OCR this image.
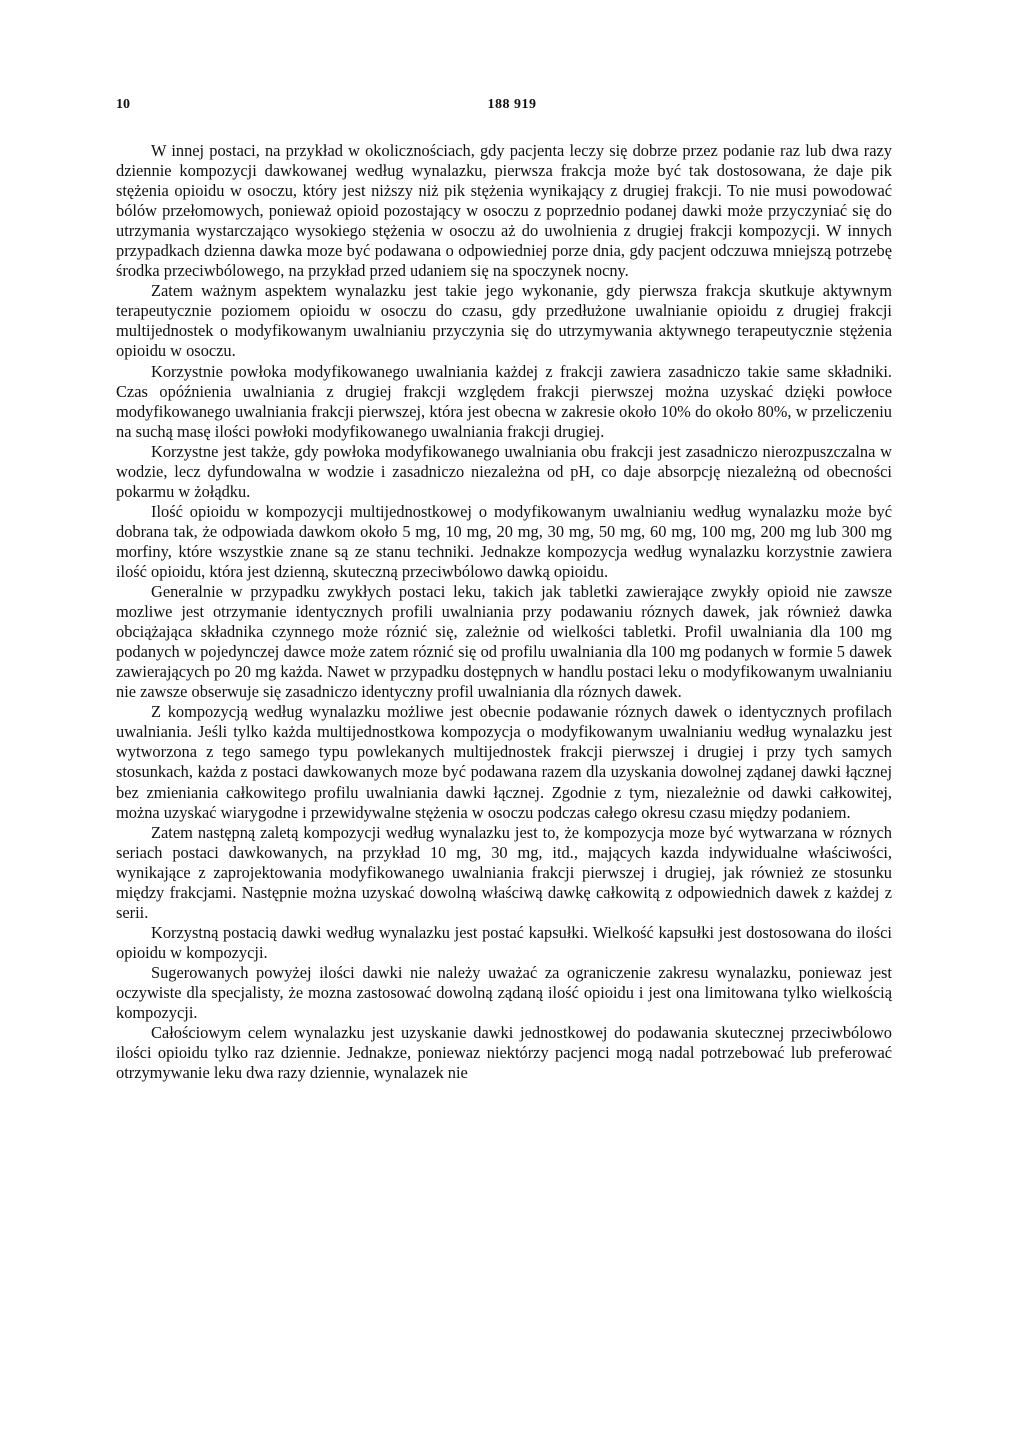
10	188 919

W innej postaci, na przykład w okolicznościach, gdy pacjenta leczy się dobrze przez podanie raz lub dwa razy dziennie kompozycji dawkowanej według wynalazku, pierwsza frakcja może być tak dostosowana, że daje pik stężenia opioidu w osoczu, który jest niższy niż pik stężenia wynikający z drugiej frakcji. To nie musi powodować bólów przełomowych, ponieważ opioid pozostający w osoczu z poprzednio podanej dawki może przyczyniać się do utrzymania wystarczająco wysokiego stężenia w osoczu aż do uwolnienia z drugiej frakcji kompozycji. W innych przypadkach dzienna dawka moze być podawana o odpowiedniej porze dnia, gdy pacjent odczuwa mniejszą potrzebę środka przeciwbólowego, na przykład przed udaniem się na spoczynek nocny.

Zatem ważnym aspektem wynalazku jest takie jego wykonanie, gdy pierwsza frakcja skutkuje aktywnym terapeutycznie poziomem opioidu w osoczu do czasu, gdy przedłużone uwalnianie opioidu z drugiej frakcji multijednostek o modyfikowanym uwalnianiu przyczynia się do utrzymywania aktywnego terapeutycznie stężenia opioidu w osoczu.

Korzystnie powłoka modyfikowanego uwalniania każdej z frakcji zawiera zasadniczo takie same składniki. Czas opóźnienia uwalniania z drugiej frakcji względem frakcji pierwszej można uzyskać dzięki powłoce modyfikowanego uwalniania frakcji pierwszej, która jest obecna w zakresie około 10% do około 80%, w przeliczeniu na suchą masę ilości powłoki modyfikowanego uwalniania frakcji drugiej.

Korzystne jest także, gdy powłoka modyfikowanego uwalniania obu frakcji jest zasadniczo nierozpuszczalna w wodzie, lecz dyfundowalna w wodzie i zasadniczo niezależna od pH, co daje absorpcję niezależną od obecności pokarmu w żołądku.

Ilość opioidu w kompozycji multijednostkowej o modyfikowanym uwalnianiu według wynalazku może być dobrana tak, że odpowiada dawkom około 5 mg, 10 mg, 20 mg, 30 mg, 50 mg, 60 mg, 100 mg, 200 mg lub 300 mg morfiny, które wszystkie znane są ze stanu techniki. Jednakze kompozycja według wynalazku korzystnie zawiera ilość opioidu, która jest dzienną, skuteczną przeciwbólowo dawką opioidu.

Generalnie w przypadku zwykłych postaci leku, takich jak tabletki zawierające zwykły opioid nie zawsze mozliwe jest otrzymanie identycznych profili uwalniania przy podawaniu róznych dawek, jak również dawka obciążająca składnika czynnego może róznić się, zależnie od wielkości tabletki. Profil uwalniania dla 100 mg podanych w pojedynczej dawce może zatem róznić się od profilu uwalniania dla 100 mg podanych w formie 5 dawek zawierających po 20 mg każda. Nawet w przypadku dostępnych w handlu postaci leku o modyfikowanym uwalnianiu nie zawsze obserwuje się zasadniczo identyczny profil uwalniania dla róznych dawek.

Z kompozycją według wynalazku możliwe jest obecnie podawanie róznych dawek o identycznych profilach uwalniania. Jeśli tylko każda multijednostkowa kompozycja o modyfikowanym uwalnianiu według wynalazku jest wytworzona z tego samego typu powlekanych multijednostek frakcji pierwszej i drugiej i przy tych samych stosunkach, każda z postaci dawkowanych moze być podawana razem dla uzyskania dowolnej ządanej dawki łącznej bez zmieniania całkowitego profilu uwalniania dawki łącznej. Zgodnie z tym, niezależnie od dawki całkowitej, można uzyskać wiarygodne i przewidywalne stężenia w osoczu podczas całego okresu czasu między podaniem.

Zatem następną zaletą kompozycji według wynalazku jest to, że kompozycja moze być wytwarzana w róznych seriach postaci dawkowanych, na przykład 10 mg, 30 mg, itd., mających kazda indywidualne właściwości, wynikające z zaprojektowania modyfikowanego uwalniania frakcji pierwszej i drugiej, jak również ze stosunku między frakcjami. Następnie można uzyskać dowolną właściwą dawkę całkowitą z odpowiednich dawek z każdej z serii.

Korzystną postacią dawki według wynalazku jest postać kapsułki. Wielkość kapsułki jest dostosowana do ilości opioidu w kompozycji.

Sugerowanych powyżej ilości dawki nie należy uważać za ograniczenie zakresu wynalazku, poniewaz jest oczywiste dla specjalisty, że mozna zastosować dowolną ządaną ilość opioidu i jest ona limitowana tylko wielkością kompozycji.

Całościowym celem wynalazku jest uzyskanie dawki jednostkowej do podawania skutecznej przeciwbólowo ilości opioidu tylko raz dziennie. Jednakze, poniewaz niektórzy pacjenci mogą nadal potrzebować lub preferować otrzymywanie leku dwa razy dziennie, wynalazek nie
